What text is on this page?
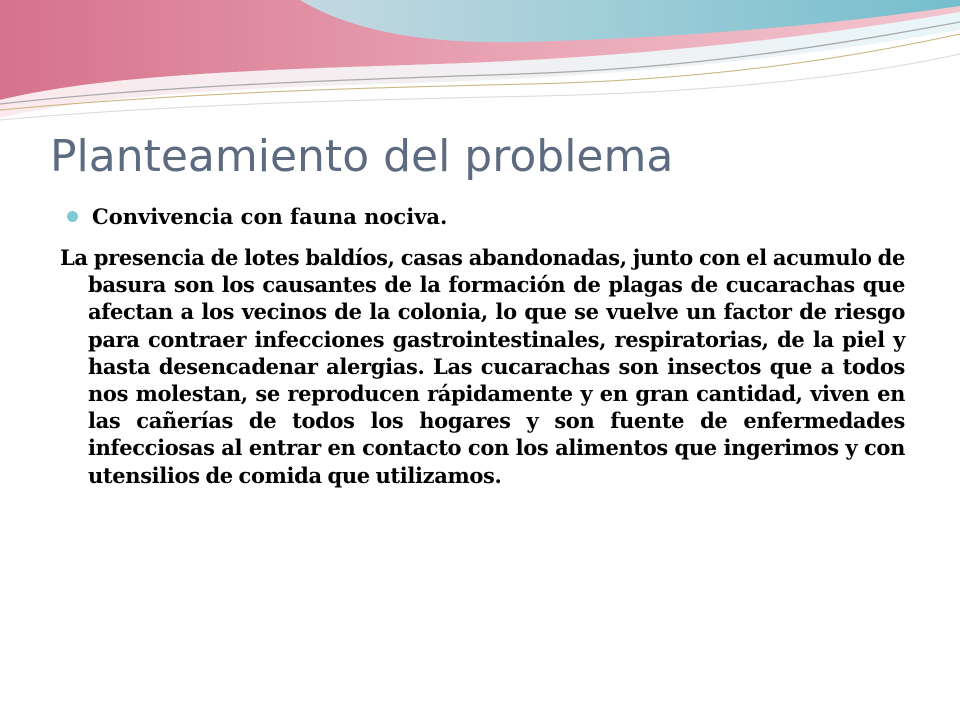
Planteamiento del problema
Convivencia con fauna nociva.

La presencia de lotes baldíos, casas abandonadas, junto con el acumulo de basura son los causantes de la formación de plagas de cucarachas que afectan a los vecinos de la colonia, lo que se vuelve un factor de riesgo para contraer infecciones gastrointestinales, respiratorias, de la piel y hasta desencadenar alergias. Las cucarachas son insectos que a todos nos molestan, se reproducen rápidamente y en gran cantidad, viven en las cañerías de todos los hogares y son fuente de enfermedades infecciosas al entrar en contacto con los alimentos que ingerimos y con utensilios de comida que utilizamos.
